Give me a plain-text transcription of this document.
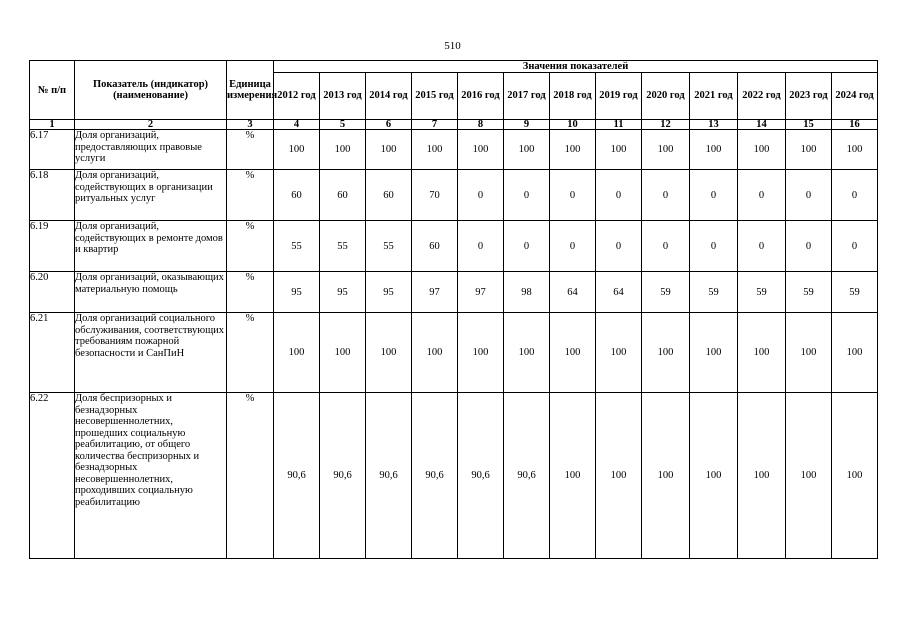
510
№ п/п	Показатель (индикатор) (наименование)	Единица измерения	Значения показателей												
			2012 год	2013 год	2014 год	2015 год	2016 год	2017 год	2018 год	2019 год	2020 год	2021 год	2022 год	2023 год	2024 год
1	2	3	4	5	6	7	8	9	10	11	12	13	14	15	16
6.17	Доля организаций, предоставляющих правовые услуги	%	100	100	100	100	100	100	100	100	100	100	100	100	100
6.18	Доля организаций, содействующих в организации ритуальных услуг	%	60	60	60	70	0	0	0	0	0	0	0	0	0
6.19	Доля организаций, содействующих в ремонте домов и квартир	%	55	55	55	60	0	0	0	0	0	0	0	0	0
6.20	Доля организаций, оказывающих материальную помощь	%	95	95	95	97	97	98	64	64	59	59	59	59	59
6.21	Доля организаций социального обслуживания, соответствующих требованиям пожарной безопасности и СанПиН	%	100	100	100	100	100	100	100	100	100	100	100	100	100
6.22	Доля беспризорных и безнадзорных несовершеннолетних, прошедших социальную реабилитацию, от общего количества беспризорных и безнадзорных несовершеннолетних, проходивших социальную реабилитацию	%	90,6	90,6	90,6	90,6	90,6	90,6	100	100	100	100	100	100	100
